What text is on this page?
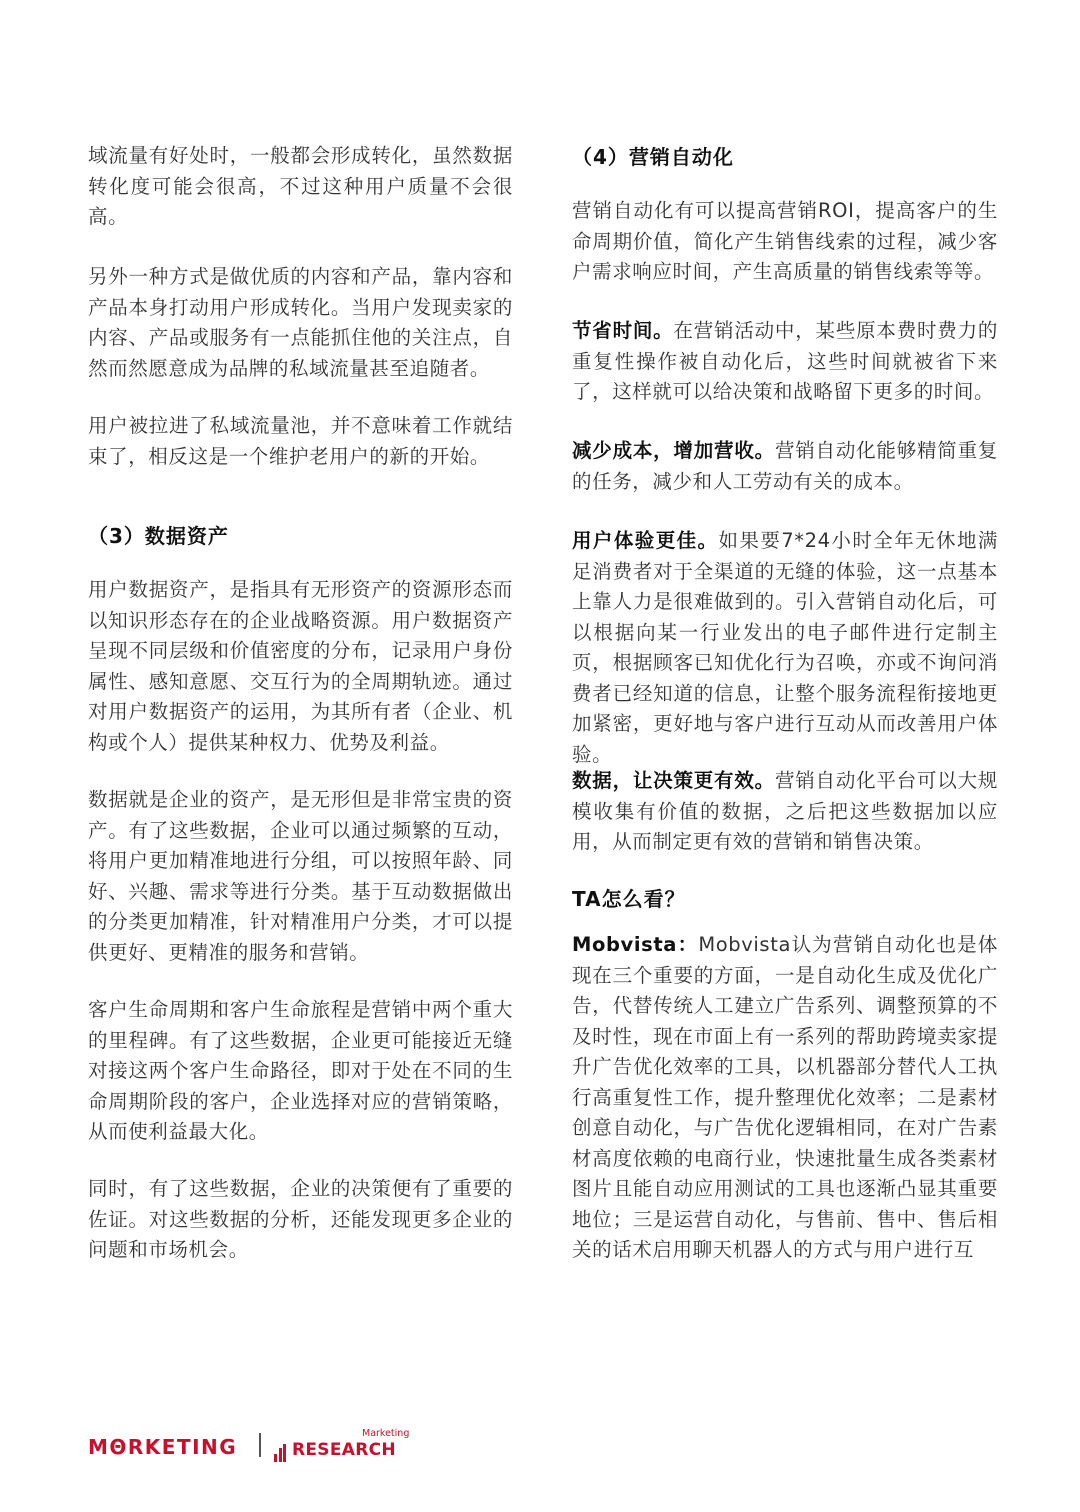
域流量有好处时，一般都会形成转化，虽然数据转化度可能会很高，不过这种用户质量不会很高。
另外一种方式是做优质的内容和产品，靠内容和产品本身打动用户形成转化。当用户发现卖家的内容、产品或服务有一点能抓住他的关注点，自然而然愿意成为品牌的私域流量甚至追随者。
用户被拉进了私域流量池，并不意味着工作就结束了，相反这是一个维护老用户的新的开始。
（3）数据资产
用户数据资产，是指具有无形资产的资源形态而以知识形态存在的企业战略资源。用户数据资产呈现不同层级和价值密度的分布，记录用户身份属性、感知意愿、交互行为的全周期轨迹。通过对用户数据资产的运用，为其所有者（企业、机构或个人）提供某种权力、优势及利益。
数据就是企业的资产，是无形但是非常宝贵的资产。有了这些数据，企业可以通过频繁的互动，将用户更加精准地进行分组，可以按照年龄、同好、兴趣、需求等进行分类。基于互动数据做出的分类更加精准，针对精准用户分类，才可以提供更好、更精准的服务和营销。
客户生命周期和客户生命旅程是营销中两个重大的里程碑。有了这些数据，企业更可能接近无缝对接这两个客户生命路径，即对于处在不同的生命周期阶段的客户，企业选择对应的营销策略，从而使利益最大化。
同时，有了这些数据，企业的决策便有了重要的佐证。对这些数据的分析，还能发现更多企业的问题和市场机会。
（4）营销自动化
营销自动化有可以提高营销ROI，提高客户的生命周期价值，简化产生销售线索的过程，减少客户需求响应时间，产生高质量的销售线索等等。
节省时间。在营销活动中，某些原本费时费力的重复性操作被自动化后，这些时间就被省下来了，这样就可以给决策和战略留下更多的时间。
减少成本，增加营收。营销自动化能够精简重复的任务，减少和人工劳动有关的成本。
用户体验更佳。如果要7*24小时全年无休地满足消费者对于全渠道的无缝的体验，这一点基本上靠人力是很难做到的。引入营销自动化后，可以根据向某一行业发出的电子邮件进行定制主页，根据顾客已知优化行为召唤，亦或不询问消费者已经知道的信息，让整个服务流程衔接地更加紧密，更好地与客户进行互动从而改善用户体验。
数据，让决策更有效。营销自动化平台可以大规模收集有价值的数据，之后把这些数据加以应用，从而制定更有效的营销和销售决策。
TA怎么看？
Mobvista：Mobvista认为营销自动化也是体现在三个重要的方面，一是自动化生成及优化广告，代替传统人工建立广告系列、调整预算的不及时性，现在市面上有一系列的帮助跨境卖家提升广告优化效率的工具，以机器部分替代人工执行高重复性工作，提升整理优化效率；二是素材创意自动化，与广告优化逻辑相同，在对广告素材高度依赖的电商行业，快速批量生成各类素材图片且能自动应用测试的工具也逐渐凸显其重要地位；三是运营自动化，与售前、售中、售后相关的话术启用聊天机器人的方式与用户进行互
MΘRKETING	RESEARCH
Marketing
